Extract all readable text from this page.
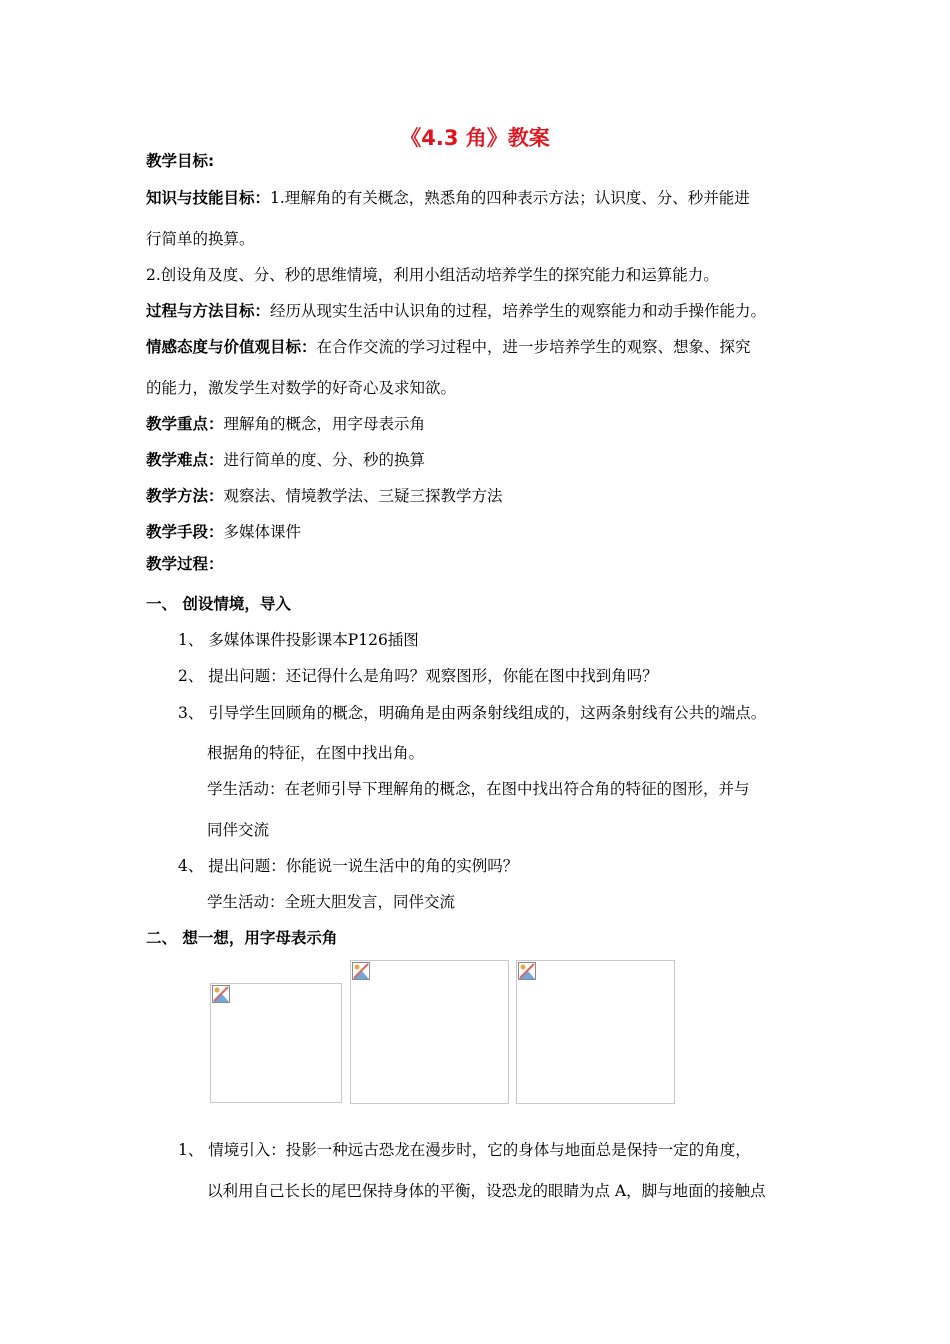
《4.3 角》教案
教学目标:
知识与技能目标：1.理解角的有关概念，熟悉角的四种表示方法；认识度、分、秒并能进
行简单的换算。
2.创设角及度、分、秒的思维情境，利用小组活动培养学生的探究能力和运算能力。
过程与方法目标：经历从现实生活中认识角的过程，培养学生的观察能力和动手操作能力。
情感态度与价值观目标：在合作交流的学习过程中，进一步培养学生的观察、想象、探究
的能力，激发学生对数学的好奇心及求知欲。
教学重点：理解角的概念，用字母表示角
教学难点：进行简单的度、分、秒的换算
教学方法：观察法、情境教学法、三疑三探教学方法
教学手段：多媒体课件
教学过程：
一、 创设情境，导入
1、 多媒体课件投影课本P126插图
2、 提出问题：还记得什么是角吗？观察图形，你能在图中找到角吗？
3、 引导学生回顾角的概念，明确角是由两条射线组成的，这两条射线有公共的端点。
根据角的特征，在图中找出角。
学生活动：在老师引导下理解角的概念，在图中找出符合角的特征的图形，并与
同伴交流
4、 提出问题：你能说一说生活中的角的实例吗？
学生活动：全班大胆发言，同伴交流
二、 想一想，用字母表示角
1、 情境引入：投影一种远古恐龙在漫步时，它的身体与地面总是保持一定的角度，
以利用自己长长的尾巴保持身体的平衡，设恐龙的眼睛为点 A，脚与地面的接触点
